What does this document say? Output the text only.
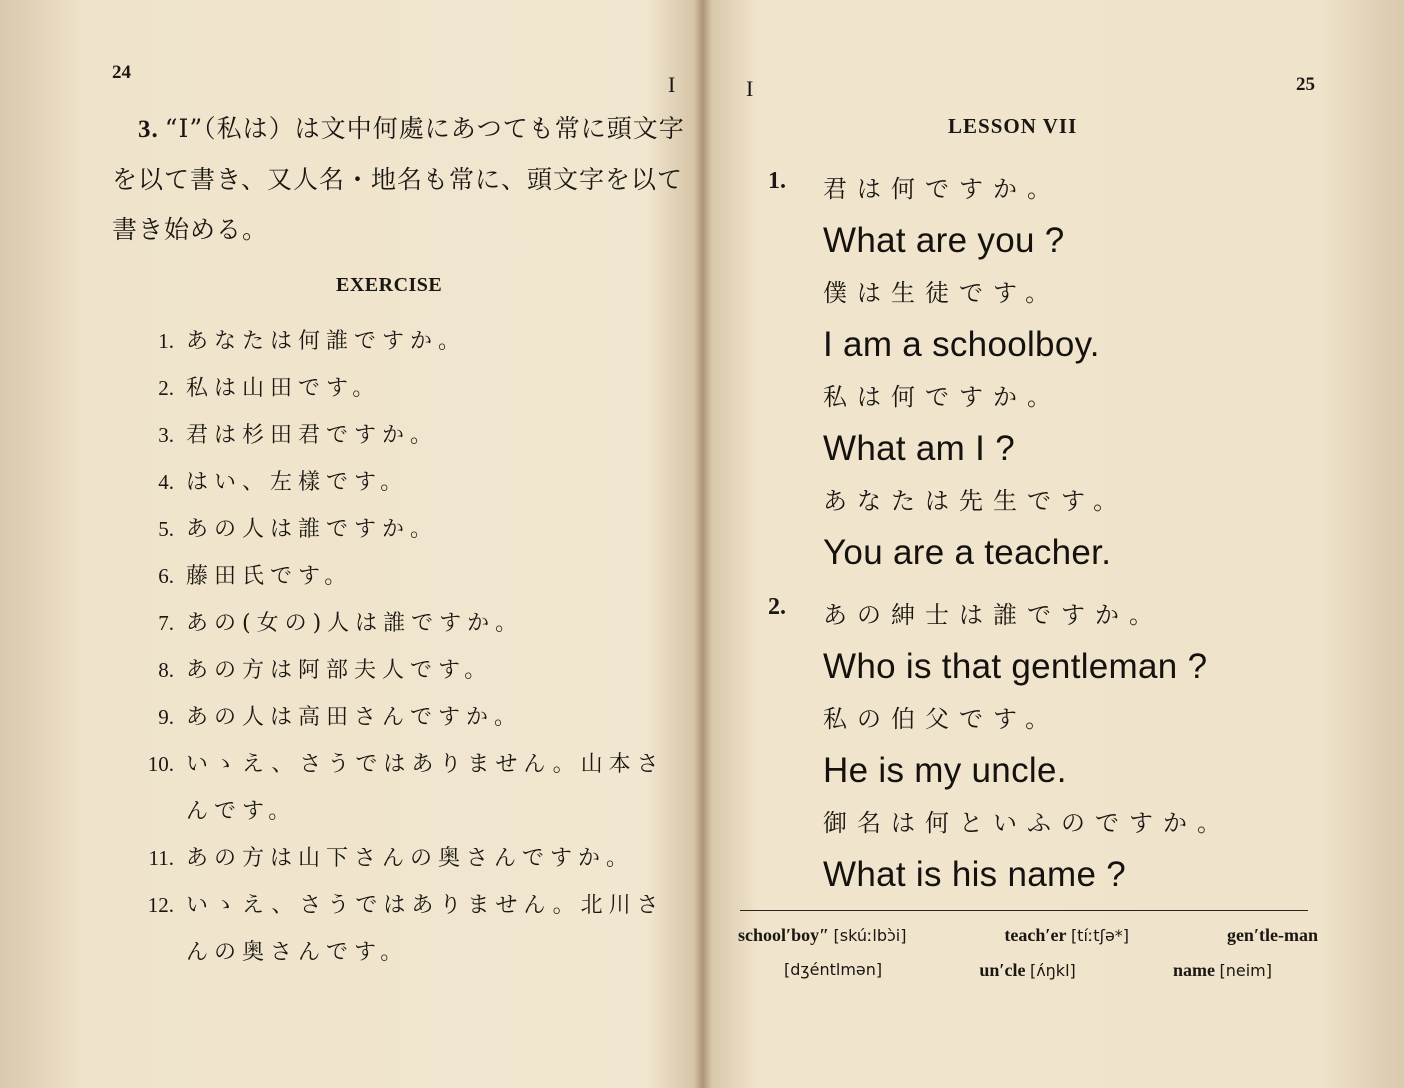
24	I
3. “I”（私は）は文中何處にあつても常に頭文字を以て書き、又人名・地名も常に、頭文字を以て書き始める。
EXERCISE
1. あなたは何誰ですか。
2. 私は山田です。
3. 君は杉田君ですか。
4. はい、左樣です。
5. あの人は誰ですか。
6. 藤田氏です。
7. あの(女の)人は誰ですか。
8. あの方は阿部夫人です。
9. あの人は高田さんですか。
10. いゝえ、さうではありません。山本さんです。
11. あの方は山下さんの奥さんですか。
12. いゝえ、さうではありません。北川さんの奥さんです。
I	25
LESSON VII
1. 君は何ですか。
What are you ?
僕は生徒です。
I am a schoolboy.
私は何ですか。
What am I ?
あなたは先生です。
You are a teacher.
2. あの紳士は誰ですか。
Who is that gentleman ?
私の伯父です。
He is my uncle.
御名は何といふのですか。
What is his name ?
school′boy″ [skúːlbɔ̀i]	teach′er [tíːtʃə*]	gen′tle-man
[dʒéntlmən]	un′cle [ʌ́ŋkl]	name [neim]
